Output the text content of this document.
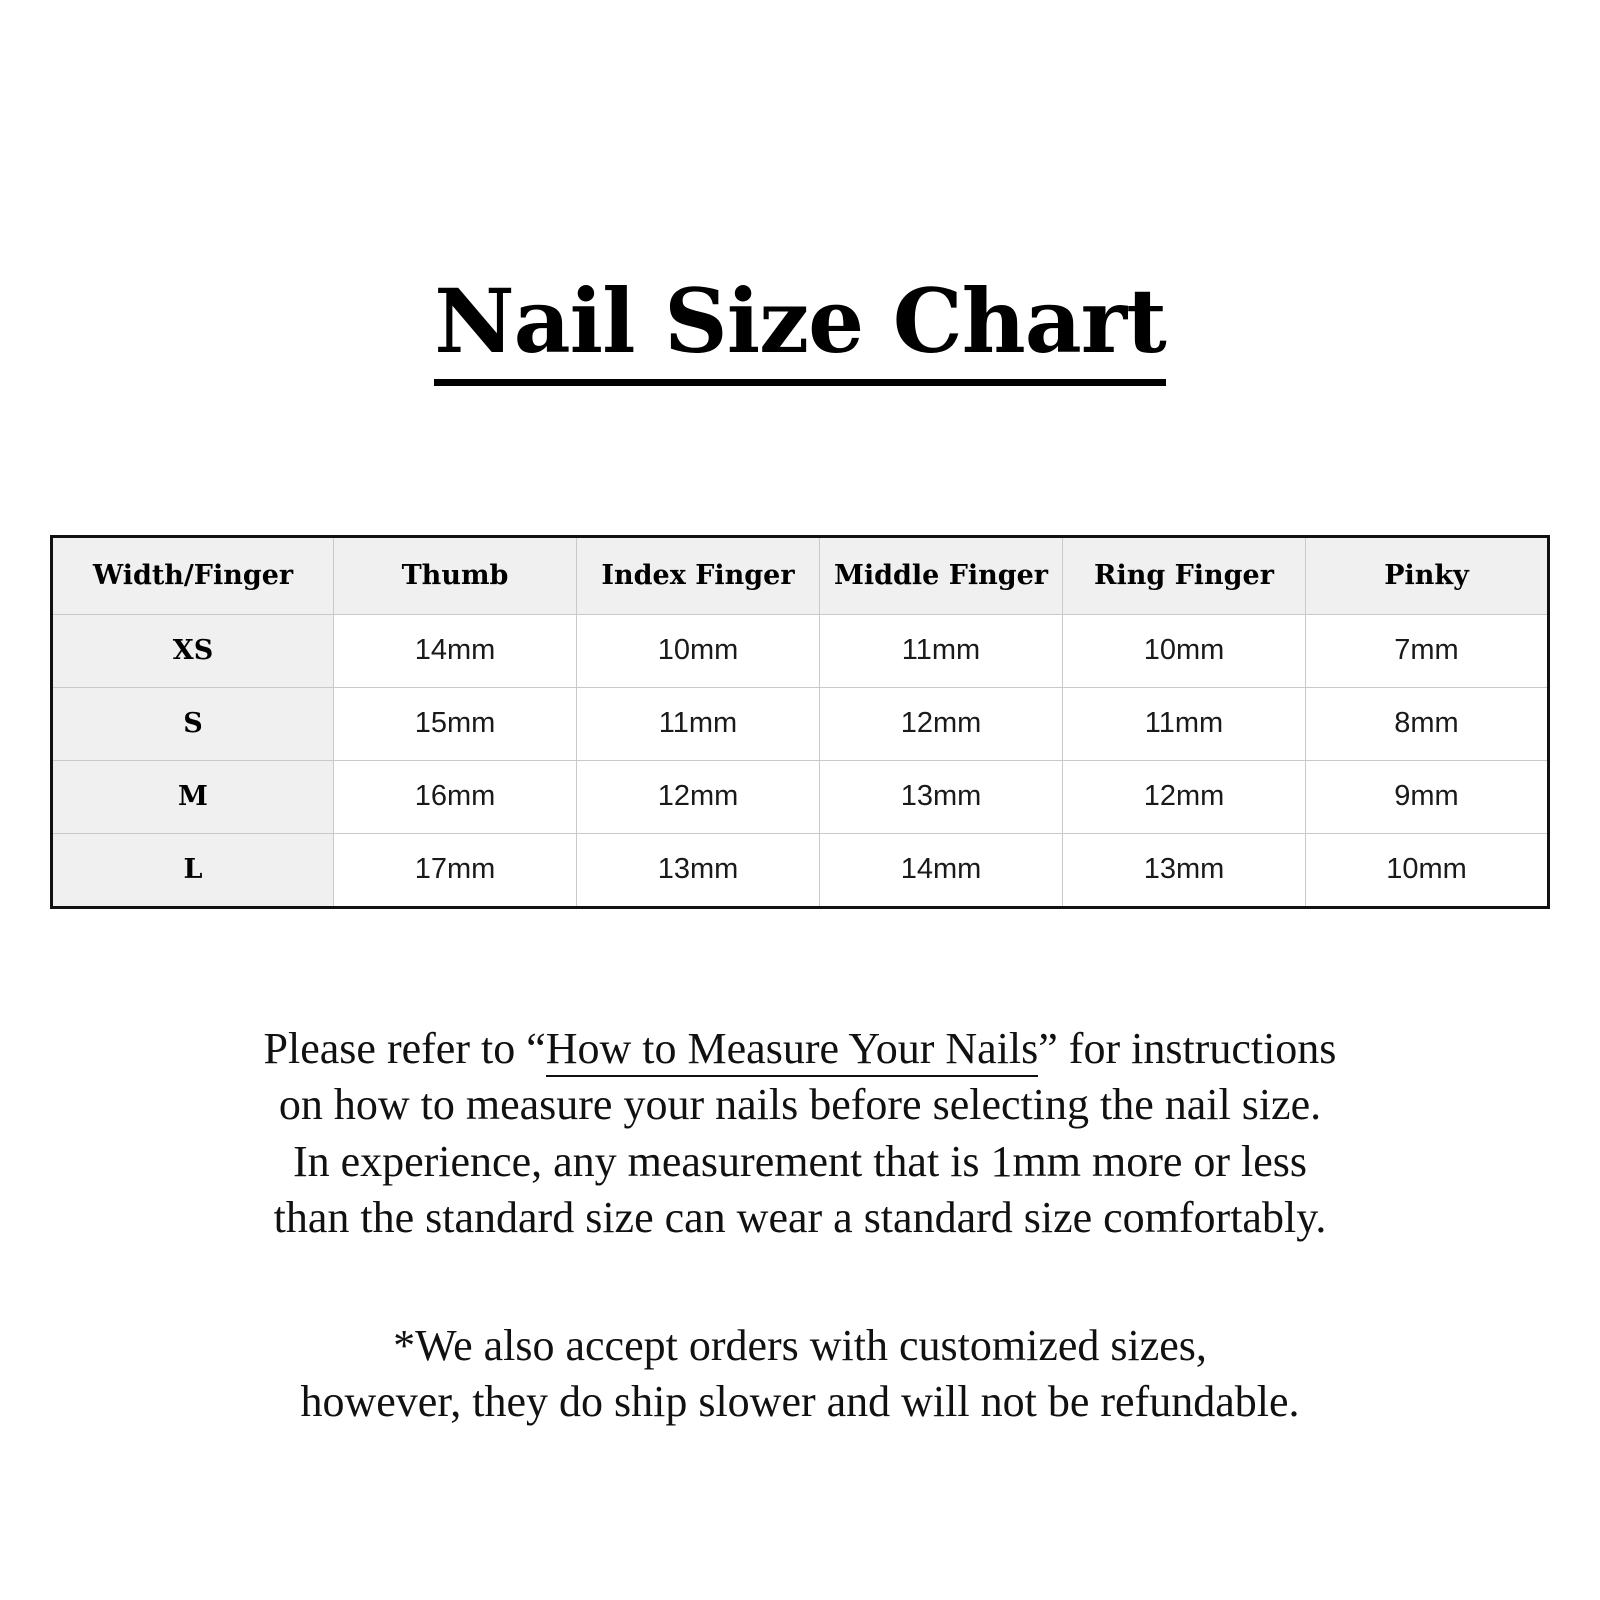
Nail Size Chart
Width/Finger	Thumb	Index Finger	Middle Finger	Ring Finger	Pinky
XS	14mm	10mm	11mm	10mm	7mm
S	15mm	11mm	12mm	11mm	8mm
M	16mm	12mm	13mm	12mm	9mm
L	17mm	13mm	14mm	13mm	10mm
Please refer to “How to Measure Your Nails” for instructions
on how to measure your nails before selecting the nail size.
In experience, any measurement that is 1mm more or less
than the standard size can wear a standard size comfortably.
*We also accept orders with customized sizes,
however, they do ship slower and will not be refundable.
